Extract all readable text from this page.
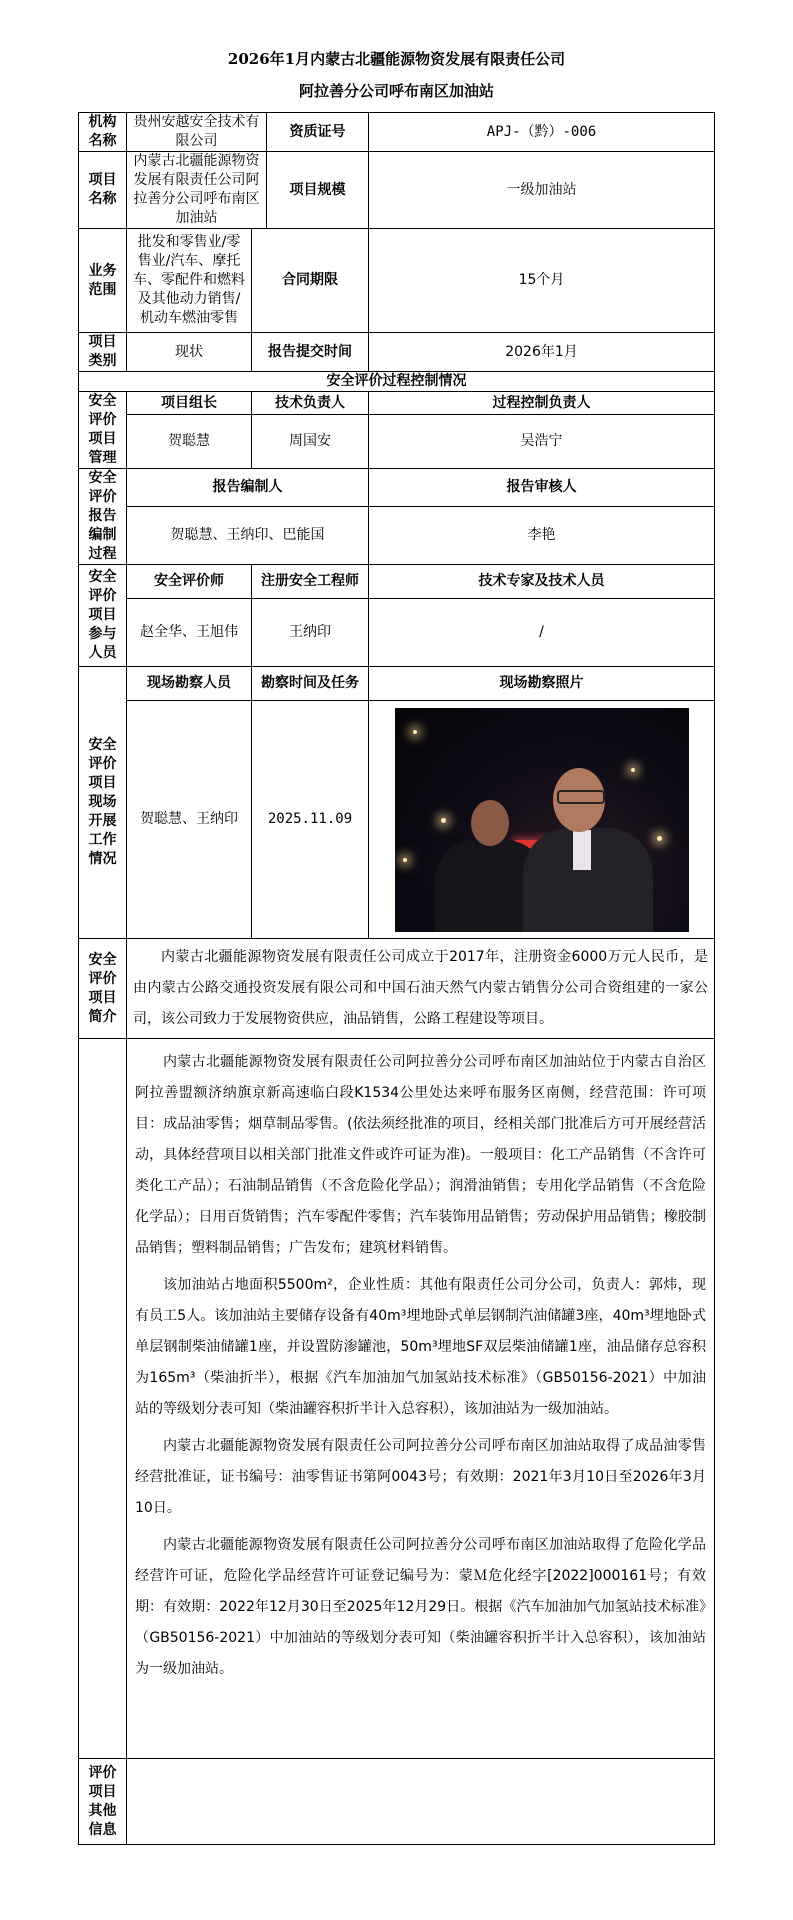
2026年1月内蒙古北疆能源物资发展有限责任公司
阿拉善分公司呼布南区加油站
机构名称	贵州安越安全技术有限公司		资质证号	APJ-（黔）-006
项目名称	内蒙古北疆能源物资发展有限责任公司阿拉善分公司呼布南区加油站		项目规模	一级加油站
业务范围	批发和零售业/零售业/汽车、摩托车、零配件和燃料及其他动力销售/机动车燃油零售	合同期限		15个月
项目类别	现状	报告提交时间		2026年1月
安全评价过程控制情况				
安全评价项目管理	项目组长	技术负责人		过程控制负责人
	贺聪慧	周国安		吴浩宁
安全评价报告编制过程	报告编制人			报告审核人
	贺聪慧、王纳印、巴能国			李艳
安全评价项目参与人员	安全评价师	注册安全工程师		技术专家及技术人员
	赵全华、王旭伟	王纳印		/
安全评价项目现场开展工作情况	现场勘察人员	勘察时间及任务		现场勘察照片
	贺聪慧、王纳印	2025.11.09		

安全评价项目简介	内蒙古北疆能源物资发展有限责任公司成立于2017年，注册资金6000万元人民币，是由内蒙古公路交通投资发展有限公司和中国石油天然气内蒙古销售分公司合资组建的一家公司，该公司致力于发展物资供应，油品销售，公路工程建设等项目。			

	内蒙古北疆能源物资发展有限责任公司阿拉善分公司呼布南区加油站位于内蒙古自治区阿拉善盟额济纳旗京新高速临白段K1534公里处达来呼布服务区南侧，经营范围：许可项目：成品油零售；烟草制品零售。(依法须经批准的项目，经相关部门批准后方可开展经营活动，具体经营项目以相关部门批准文件或许可证为准)。一般项目：化工产品销售（不含许可类化工产品）；石油制品销售（不含危险化学品）；润滑油销售；专用化学品销售（不含危险化学品）；日用百货销售；汽车零配件零售；汽车装饰用品销售；劳动保护用品销售；橡胶制品销售；塑料制品销售；广告发布；建筑材料销售。

该加油站占地面积5500m²，企业性质：其他有限责任公司分公司，负责人：郭炜，现有员工5人。该加油站主要储存设备有40m³埋地卧式单层钢制汽油储罐3座，40m³埋地卧式单层钢制柴油储罐1座，并设置防渗罐池，50m³埋地SF双层柴油储罐1座，油品储存总容积为165m³（柴油折半），根据《汽车加油加气加氢站技术标准》（GB50156-2021）中加油站的等级划分表可知（柴油罐容积折半计入总容积），该加油站为一级加油站。

内蒙古北疆能源物资发展有限责任公司阿拉善分公司呼布南区加油站取得了成品油零售经营批准证，证书编号：油零售证书第阿0043号；有效期：2021年3月10日至2026年3月10日。

内蒙古北疆能源物资发展有限责任公司阿拉善分公司呼布南区加油站取得了危险化学品经营许可证，危险化学品经营许可证登记编号为：蒙Ｍ危化经字[2022]000161号；有效期：有效期：2022年12月30日至2025年12月29日。根据《汽车加油加气加氢站技术标准》（GB50156-2021）中加油站的等级划分表可知（柴油罐容积折半计入总容积），该加油站为一级加油站。			

评价项目其他信息				
